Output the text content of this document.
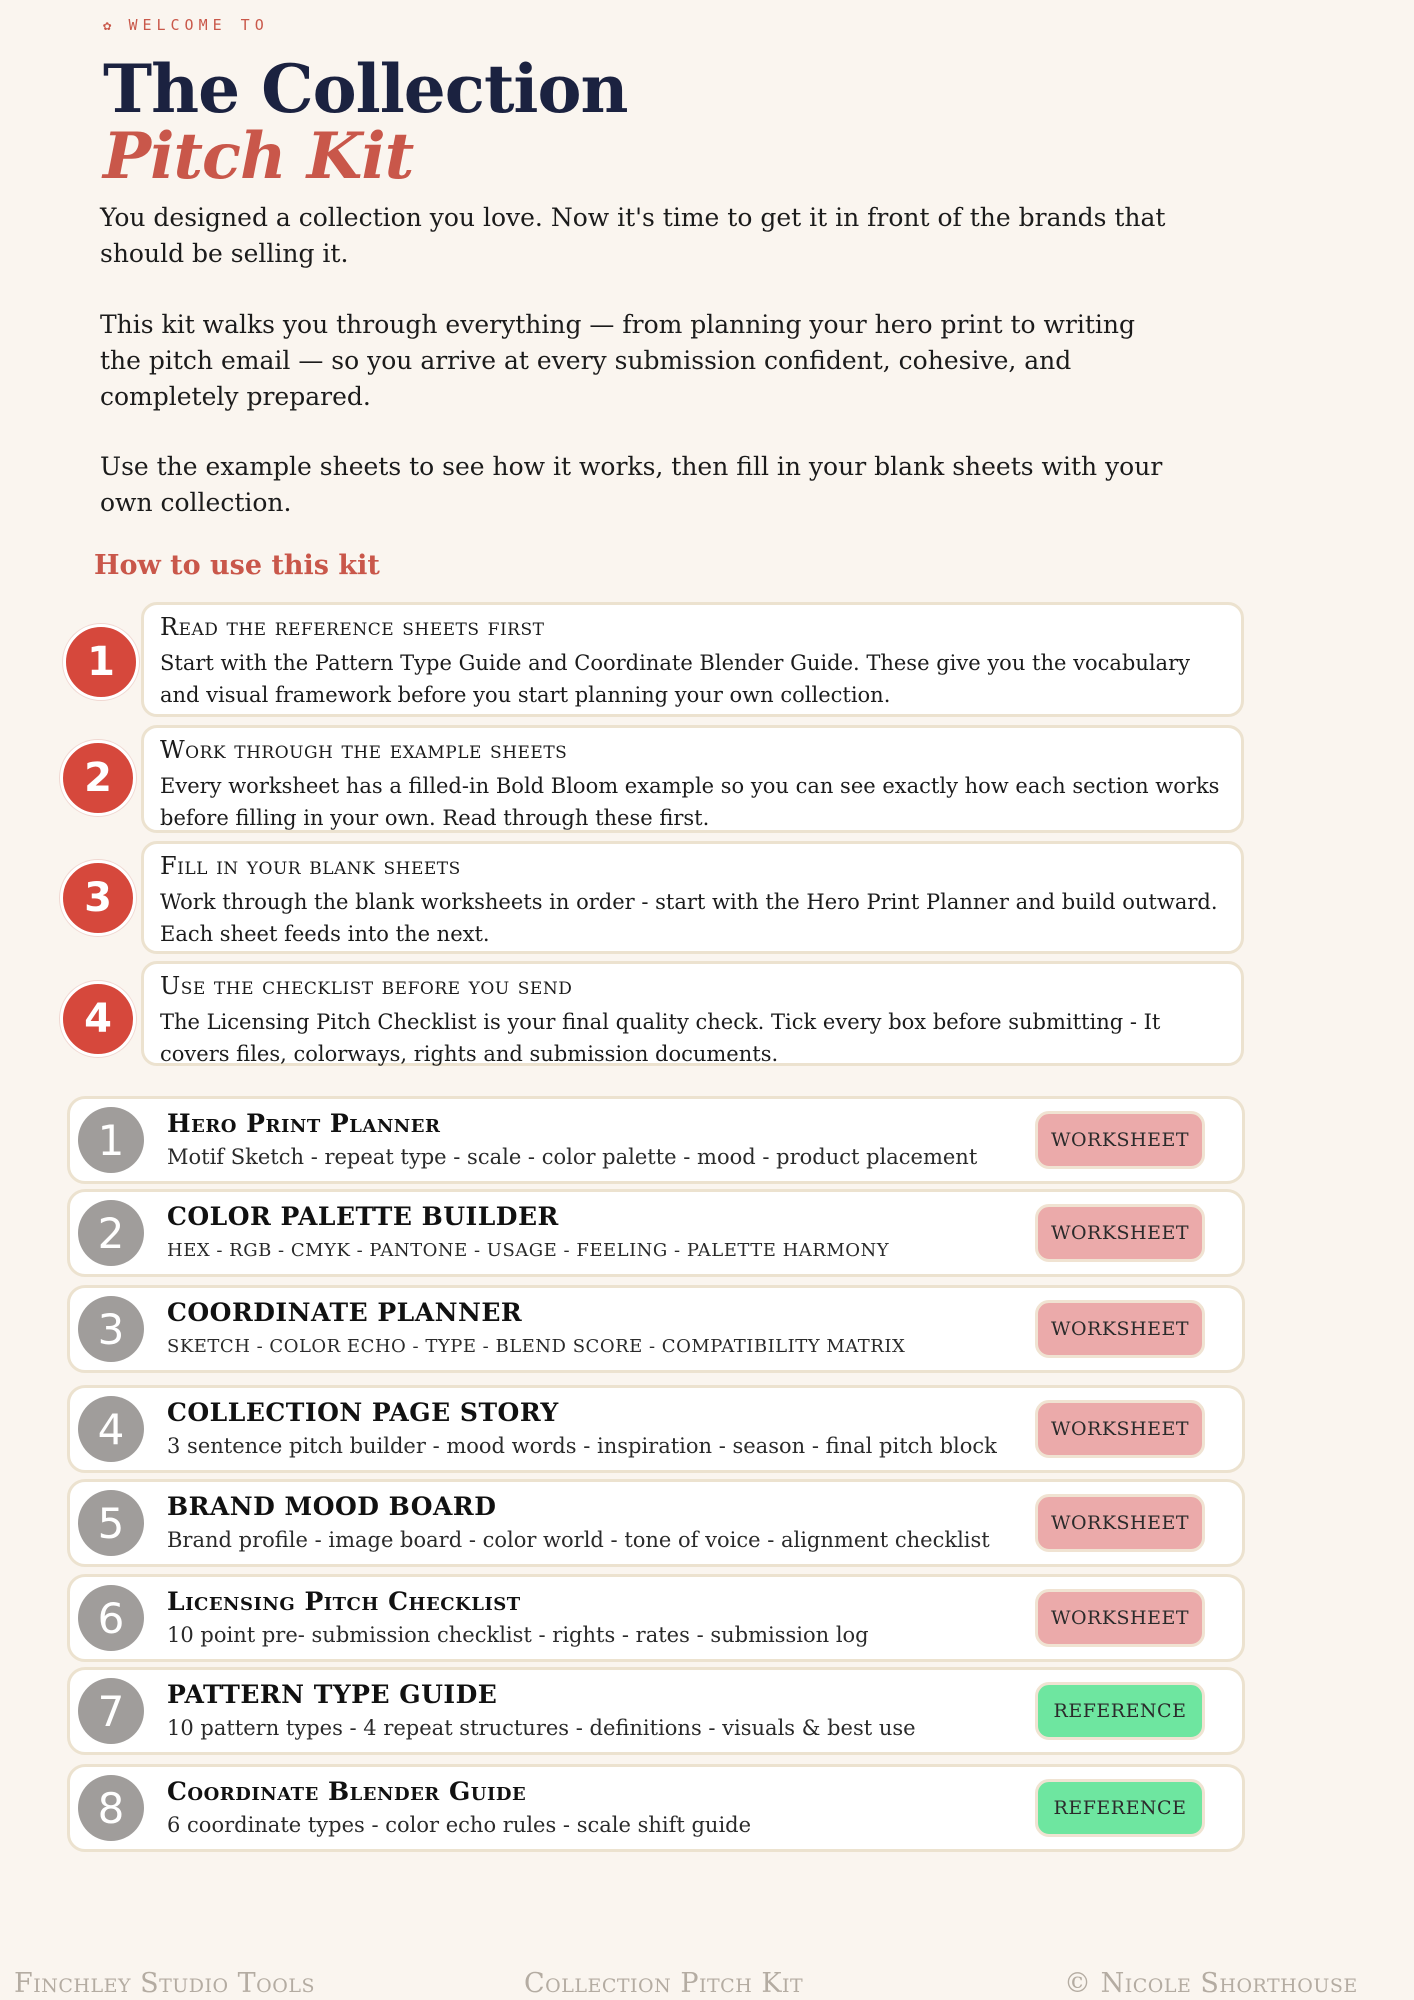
✿ WELCOME TO
The Collection
Pitch Kit

You designed a collection you love. Now it's time to get it in front of the brands that should be selling it.

This kit walks you through everything — from planning your hero print to writing the pitch email — so you arrive at every submission confident, cohesive, and completely prepared.

Use the example sheets to see how it works, then fill in your blank sheets with your own collection.

How to use this kit
Read the reference sheets first
Start with the Pattern Type Guide and Coordinate Blender Guide. These give you the vocabulary and visual framework before you start planning your own collection.
1
Work through the example sheets
Every worksheet has a filled-in Bold Bloom example so you can see exactly how each section works before filling in your own. Read through these first.
2
Fill in your blank sheets
Work through the blank worksheets in order - start with the Hero Print Planner and build outward. Each sheet feeds into the next.
3
Use the checklist before you send
The Licensing Pitch Checklist is your final quality check. Tick every box before submitting - It covers files, colorways, rights and submission documents.
4
1	Hero Print Planner
Motif Sketch - repeat type - scale - color palette - mood - product placement
WORKSHEET
2	COLOR PALETTE BUILDER
HEX - RGB - CMYK - PANTONE - USAGE - FEELING - PALETTE HARMONY
WORKSHEET
3	COORDINATE PLANNER
SKETCH - COLOR ECHO - TYPE - BLEND SCORE - COMPATIBILITY MATRIX
WORKSHEET
4	COLLECTION PAGE STORY
3 sentence pitch builder - mood words - inspiration - season - final pitch block
WORKSHEET
5	BRAND MOOD BOARD
Brand profile - image board - color world - tone of voice - alignment checklist
WORKSHEET
6	Licensing Pitch Checklist
10 point pre- submission checklist - rights - rates - submission log
WORKSHEET
7	PATTERN TYPE GUIDE
10 pattern types - 4 repeat structures - definitions - visuals & best use
REFERENCE
8	Coordinate Blender Guide
6 coordinate types - color echo rules - scale shift guide
REFERENCE
Finchley Studio Tools	Collection Pitch Kit	© Nicole Shorthouse
